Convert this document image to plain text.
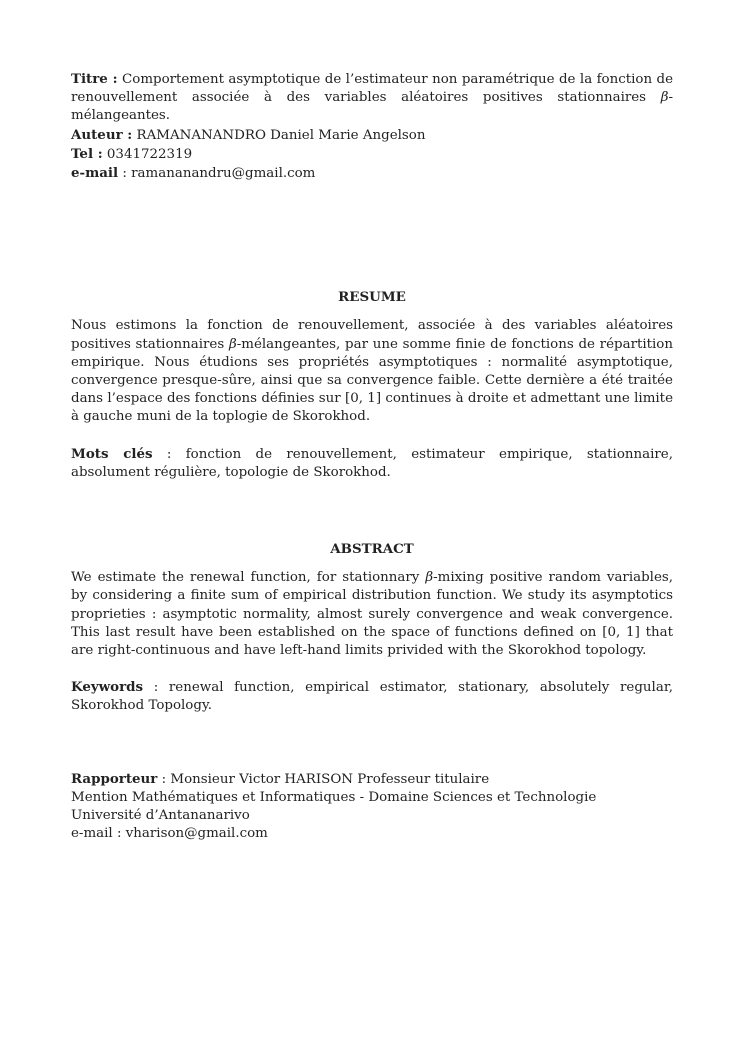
Titre : Comportement asymptotique de l’estimateur non paramétrique de la fonction de renouvellement associée à des variables aléatoires positives stationnaires β-mélangeantes.

Auteur : RAMANANANDRO Daniel Marie Angelson

Tel : 0341722319

e-mail : ramananandru@gmail.com

RESUME

Nous estimons la fonction de renouvellement, associée à des variables aléatoires positives stationnaires β-mélangeantes, par une somme finie de fonctions de répartition empirique. Nous étudions ses propriétés asymptotiques : normalité asymptotique, convergence presque-sûre, ainsi que sa convergence faible. Cette dernière a été traitée dans l’espace des fonctions définies sur [0, 1] continues à droite et admettant une limite à gauche muni de la toplogie de Skorokhod.

Mots clés : fonction de renouvellement, estimateur empirique, stationnaire, absolument régulière, topologie de Skorokhod.

ABSTRACT

We estimate the renewal function, for stationnary β-mixing positive random variables, by considering a finite sum of empirical distribution function. We study its asymptotics proprieties : asymptotic normality, almost surely convergence and weak convergence. This last result have been established on the space of functions defined on [0, 1] that are right-continuous and have left-hand limits privided with the Skorokhod topology.

Keywords : renewal function, empirical estimator, stationary, absolutely regular, Skorokhod Topology.

Rapporteur : Monsieur Victor HARISON Professeur titulaire

Mention Mathématiques et Informatiques - Domaine Sciences et Technologie

Université d’Antananarivo

e-mail : vharison@gmail.com
